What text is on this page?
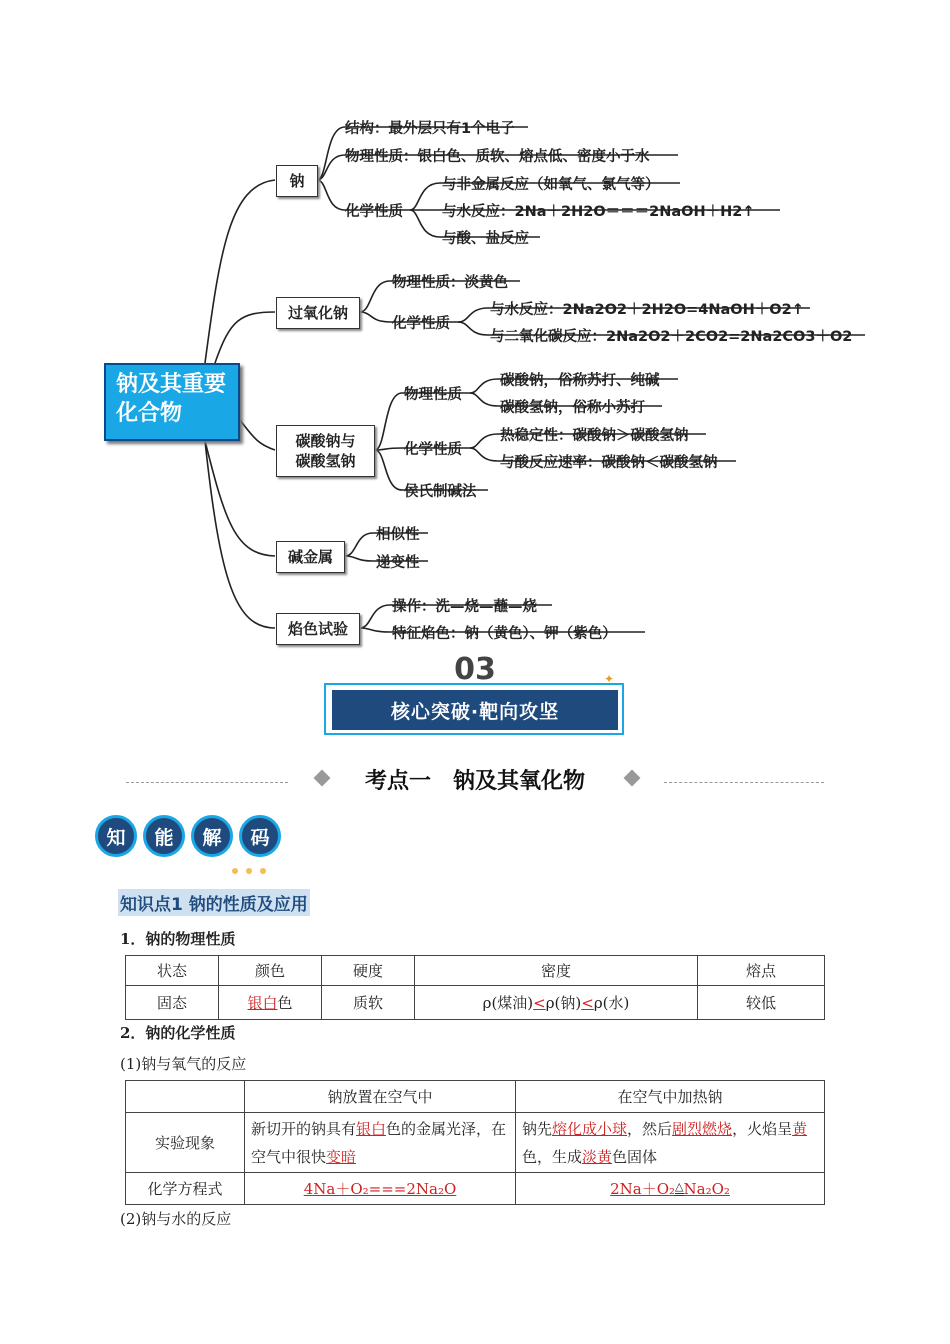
钠及其重要化合物
钠
过氧化钠
碳酸钠与
碳酸氢钠
碱金属
焰色试验
结构：最外层只有1个电子
物理性质：银白色、质软、熔点低、密度小于水
化学性质
与非金属反应（如氧气、氯气等）
与水反应：2Na＋2H2O＝＝＝2NaOH＋H2↑
与酸、盐反应
物理性质：淡黄色
化学性质
与水反应：2Na2O2＋2H2O=4NaOH＋O2↑
与二氧化碳反应：2Na2O2＋2CO2=2Na2CO3＋O2
物理性质
化学性质
侯氏制碱法
碳酸钠，俗称苏打、纯碱
碳酸氢钠，俗称小苏打
热稳定性：碳酸钠＞碳酸氢钠
与酸反应速率：碳酸钠＜碳酸氢钠
相似性
递变性
操作：洗—烧—蘸—烧
特征焰色：钠（黄色）、钾（紫色）
03
核心突破·靶向攻坚
✦
考点一　钠及其氧化物
知	能	解	码
知识点1 钠的性质及应用
1．钠的物理性质
状态	颜色	硬度	密度	熔点
固态	银白色	质软	ρ(煤油)<ρ(钠)<ρ(水)	较低
2．钠的化学性质
(1)钠与氧气的反应
	钠放置在空气中	在空气中加热钠
实验现象	新切开的钠具有银白色的金属光泽，在空气中很快变暗	钠先熔化成小球，然后剧烈燃烧，火焰呈黄色，生成淡黄色固体
化学方程式	4Na＋O₂===2Na₂O	2Na＋O₂△Na₂O₂
(2)钠与水的反应
